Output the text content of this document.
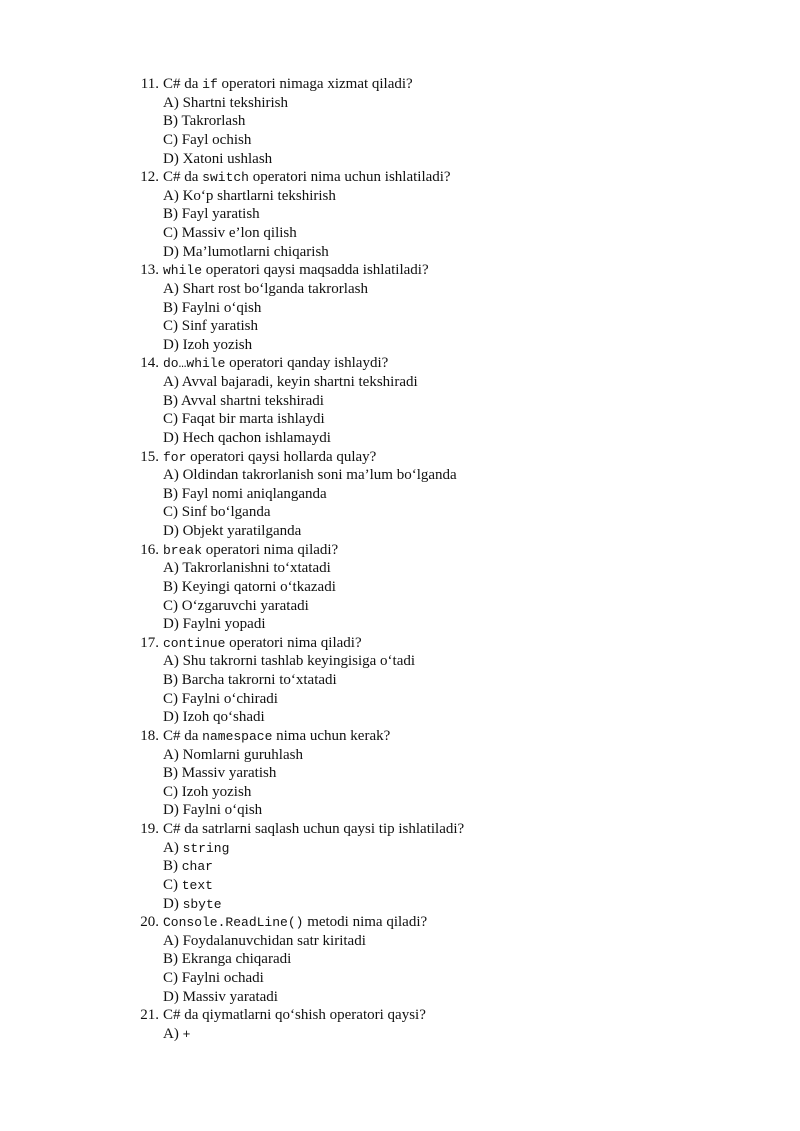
11. C# da if operatori nimaga xizmat qiladi?
A) Shartni tekshirish
B) Takrorlash
C) Fayl ochish
D) Xatoni ushlash
12. C# da switch operatori nima uchun ishlatiladi?
A) Ko‘p shartlarni tekshirish
B) Fayl yaratish
C) Massiv e’lon qilish
D) Ma’lumotlarni chiqarish
13. while operatori qaysi maqsadda ishlatiladi?
A) Shart rost bo‘lganda takrorlash
B) Faylni o‘qish
C) Sinf yaratish
D) Izoh yozish
14. do…while operatori qanday ishlaydi?
A) Avval bajaradi, keyin shartni tekshiradi
B) Avval shartni tekshiradi
C) Faqat bir marta ishlaydi
D) Hech qachon ishlamaydi
15. for operatori qaysi hollarda qulay?
A) Oldindan takrorlanish soni ma’lum bo‘lganda
B) Fayl nomi aniqlanganda
C) Sinf bo‘lganda
D) Objekt yaratilganda
16. break operatori nima qiladi?
A) Takrorlanishni to‘xtatadi
B) Keyingi qatorni o‘tkazadi
C) O‘zgaruvchi yaratadi
D) Faylni yopadi
17. continue operatori nima qiladi?
A) Shu takrorni tashlab keyingisiga o‘tadi
B) Barcha takrorni to‘xtatadi
C) Faylni o‘chiradi
D) Izoh qo‘shadi
18. C# da namespace nima uchun kerak?
A) Nomlarni guruhlash
B) Massiv yaratish
C) Izoh yozish
D) Faylni o‘qish
19. C# da satrlarni saqlash uchun qaysi tip ishlatiladi?
A) string
B) char
C) text
D) sbyte
20. Console.ReadLine() metodi nima qiladi?
A) Foydalanuvchidan satr kiritadi
B) Ekranga chiqaradi
C) Faylni ochadi
D) Massiv yaratadi
21. C# da qiymatlarni qo‘shish operatori qaysi?
A) +
